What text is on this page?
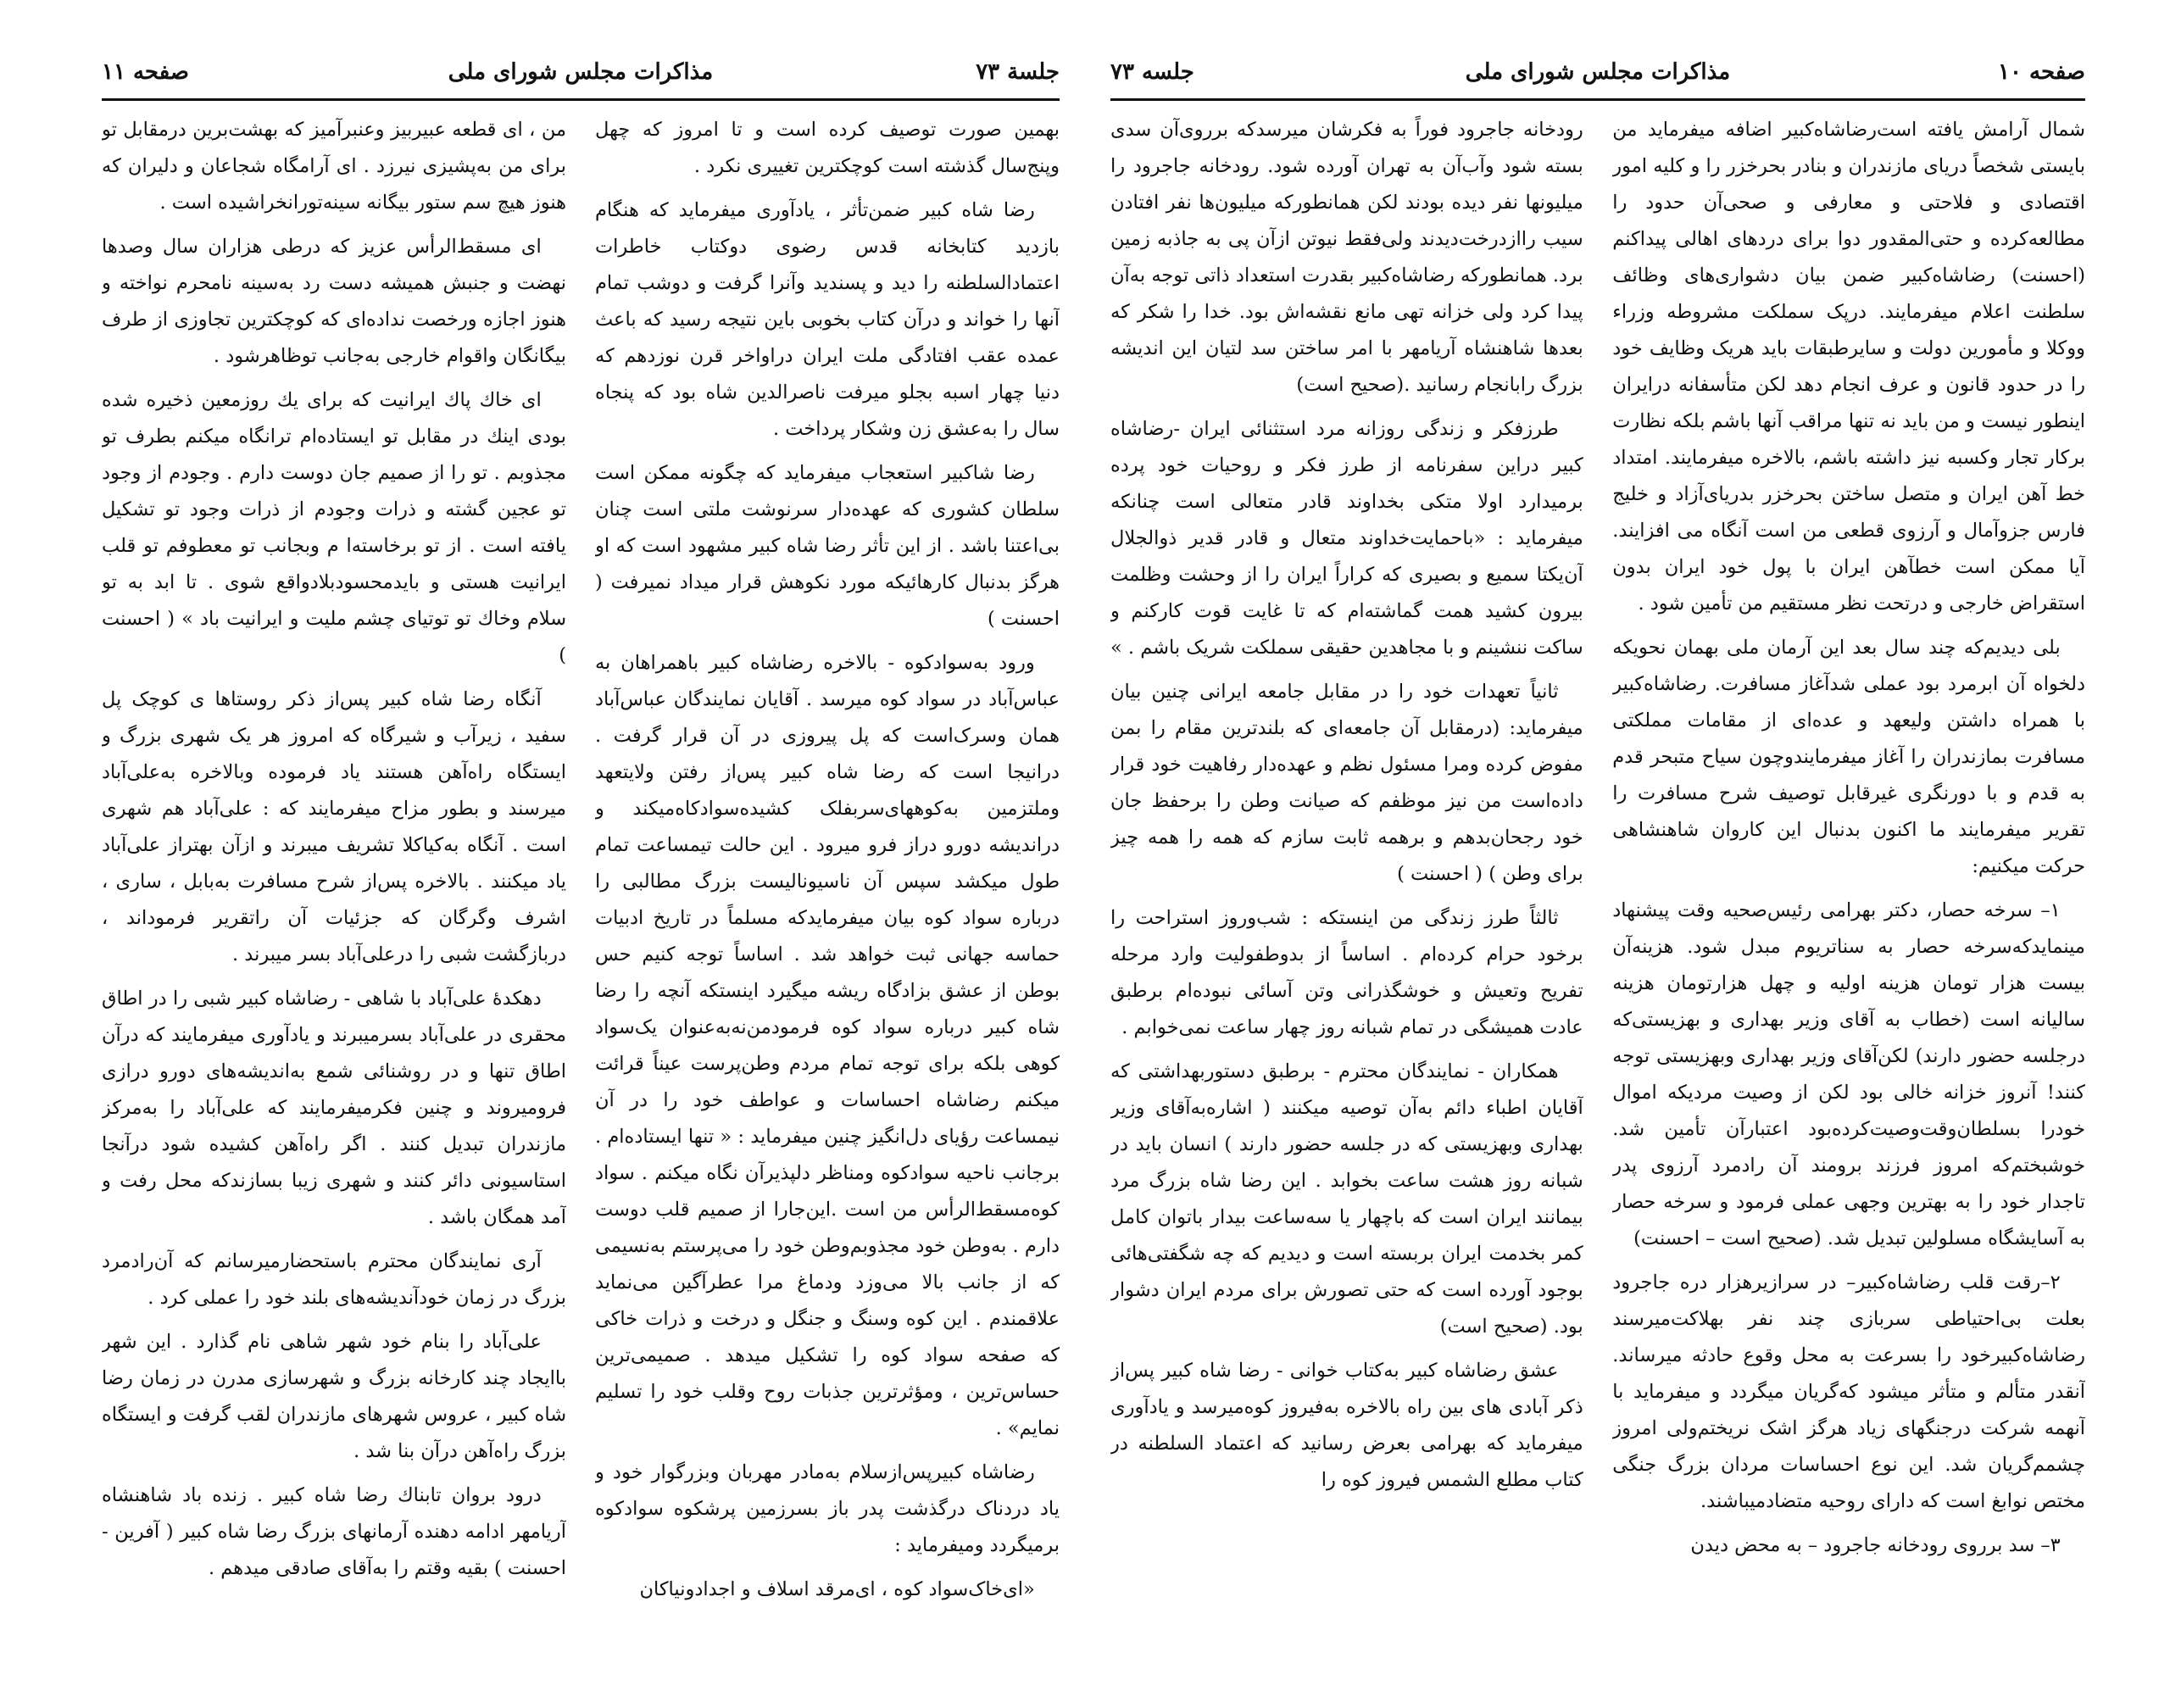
جلسة ۷۳
مذاکرات مجلس شورای ملی
صفحه ۱۱

بهمین صورت توصیف کرده است و تا امروز که چهل وپنج‌سال گذشته است کوچکترین تغییری نکرد .

رضا شاه کبیر ضمن‌تأثر ، یادآوری میفرماید که هنگام بازدید کتابخانه قدس رضوی دوکتاب خاطرات اعتمادالسلطنه را دید و پسندید وآنرا گرفت و دوشب تمام آنها را خواند و درآن کتاب بخوبی باین نتیجه رسید که باعث عمده عقب افتادگی ملت ایران دراواخر قرن نوزدهم که دنیا چهار اسبه بجلو میرفت ناصرالدین شاه بود که پنجاه سال را به‌عشق زن وشکار پرداخت .

رضا شاکبیر استعجاب میفرماید که چگونه ممکن است سلطان کشوری که عهده‌دار سرنوشت ملتی است چنان بی‌اعتنا باشد . از این تأثر رضا شاه کبیر مشهود است که او هرگز بدنبال کارهائیکه مورد نکوهش قرار میداد نمیرفت ( احسنت )

ورود به‌سوادکوه - بالاخره رضاشاه کبیر باهمراهان به عباس‌آباد در سواد کوه میرسد . آقایان نمایندگان عباس‌آباد همان وسرک‌است که پل پیروزی در آن قرار گرفت . درانیجا است که رضا شاه کبیر پس‌از رفتن ولایتعهد وملتزمین به‌کوههای‌سربفلک کشیده‌سوادکاه‌میکند و دراندیشه دورو دراز فرو میرود . این حالت تیمساعت تمام طول میکشد سپس آن ناسیونالیست بزرگ مطالبی را درباره سواد کوه بیان میفرمایدکه مسلماً در تاریخ ادبیات حماسه جهانی ثبت خواهد شد . اساساً توجه کنیم حس بوطن از عشق بزادگاه ریشه میگیرد اینستکه آنچه را رضا شاه کبیر درباره سواد کوه فرمودمن‌نه‌به‌عنوان یک‌سواد کوهی بلکه برای توجه تمام مردم وطن‌پرست عیناً قرائت میکنم رضاشاه احساسات و عواطف خود را در آن نیمساعت رؤیای دل‌انگیز چنین میفرماید : « تنها ایستاده‌ام . برجانب ناحیه سوادکوه ومناظر دلپذیرآن نگاه میکنم . سواد کوه‌مسقط‌الرأس من است .این‌جارا از صمیم قلب دوست دارم . به‌وطن خود مجذوبم‌وطن خود را می‌پرستم به‌نسیمی که از جانب بالا می‌وزد ودماغ مرا عطرآگین می‌نماید علاقمندم . این کوه وسنگ و جنگل و درخت و ذرات خاکی که صفحه سواد کوه را تشکیل میدهد . صمیمی‌ترین حساس‌ترین ، ومؤثرترین جذبات روح وقلب خود را تسلیم نمایم» .

رضاشاه کبیرپس‌ازسلام به‌مادر مهربان وبزرگوار خود و یاد دردناک درگذشت پدر باز بسرزمین پرشکوه سوادکوه برمیگردد ومیفرماید :

«ای‌خاک‌سواد کوه ، ای‌مرقد اسلاف و اجدادونیاکان

من ، ای قطعه عبیربیز وعنبرآمیز که بهشت‌برین درمقابل تو برای من به‌پشیزی نیرزد . ای آرامگاه شجاعان و دلیران که هنوز هیچ سم ستور بیگانه سینه‌تورانخراشیده است .

ای مسقط‌الرأس عزیز که درطی هزاران سال وصدها نهضت و جنبش همیشه دست رد به‌سینه نامحرم نواخته و هنوز اجازه ورخصت نداده‌ای که کوچکترین تجاوزی از طرف بیگانگان واقوام خارجی به‌جانب توظاهرشود .

ای خاك پاك ایرانیت که برای یك روزمعین ذخیره شده بودی اینك در مقابل تو ایستاده‌ام ترانگاه میکنم بطرف تو مجذوبم . تو را از صمیم جان دوست دارم . وجودم از وجود تو عجین گشته و ذرات وجودم از ذرات وجود تو تشکیل یافته است . از تو برخاسته‌ا م وبجانب تو معطوفم تو قلب ایرانیت هستی و باید‌محسودبلادواقع شوی . تا ابد به تو سلام وخاك تو توتیای چشم ملیت و ایرانیت باد » ( احسنت )

آنگاه رضا شاه کبیر پس‌از ذکر روستاها ی کوچک پل سفید ، زیرآب و شیرگاه که امروز هر یک شهری بزرگ و ایستگاه راه‌آهن هستند یاد فرموده وبالاخره به‌علی‌آباد میرسند و بطور مزاح میفرمایند که : علی‌آباد هم شهری است . آنگاه به‌کیاکلا تشریف میبرند و ازآن بهتراز علی‌آباد یاد میکنند . بالاخره پس‌از شرح مسافرت به‌بابل ، ساری ، اشرف وگرگان که جزئیات آن راتقریر فرموداند ، دربازگشت شبی را درعلی‌آباد بسر میبرند .

دهکدهٔ علی‌آباد با شاهی - رضاشاه کبیر شبی را در اطاق محقری در علی‌آباد بسرمیبرند و یادآوری میفرمایند که درآن اطاق تنها و در روشنائی شمع به‌اندیشه‌های دورو درازی فرومیروند و چنین فکرمیفرمایند که علی‌آباد را به‌مرکز مازندران تبدیل کنند . اگر راه‌آهن کشیده شود درآنجا استاسیونی دائر کنند و شهری زیبا بسازندکه محل رفت و آمد همگان باشد .

آری نمایندگان محترم باستحضارمیرسانم که آن‌رادمرد بزرگ در زمان خودآندیشه‌های بلند خود را عملی کرد .

علی‌آباد را بنام خود شهر شاهی نام گذارد . این شهر باایجاد چند کارخانه بزرگ و شهرسازی مدرن در زمان رضا شاه کبیر ، عروس شهرهای مازندران لقب گرفت و ایستگاه بزرگ راه‌آهن درآن بنا شد .

درود بروان تابناك رضا شاه کبیر . زنده باد شاهنشاه آریامهر ادامه دهنده آرمانهای بزرگ رضا شاه کبیر ( آفرین - احسنت ) بقیه وقتم را به‌آقای صادقی میدهم .

صفحه ۱۰
مذاکرات مجلس شورای ملی
جلسه ۷۳

شمال آرامش یافته است‌رضاشاه‌کبیر اضافه میفرماید من بایستی شخصاً دریای مازندران و بنادر بحرخزر را و کلیه امور اقتصادی و فلاحتی و معارفی و صحی‌آن حدود را مطالعه‌کرده و حتی‌المقدور دوا برای دردهای اهالی پیداکنم (احسنت) رضاشاه‌کبیر ضمن بیان دشواری‌های وظائف سلطنت اعلام میفرمایند. درپک سملکت مشروطه وزراء ووکلا و مأمورین دولت و سایرطبقات باید هریک وظایف خود را در حدود قانون و عرف انجام دهد لکن متأسفانه درایران اینطور نیست و من باید نه تنها مراقب آنها باشم بلکه نظارت برکار تجار وکسبه نیز داشته باشم، بالاخره میفرمایند. امتداد خط آهن ایران و متصل ساختن بحرخزر بدریای‌آزاد و خلیج فارس جزوآمال و آرزوی قطعی من است آنگاه می افزایند. آیا ممکن است خطآهن ایران با پول خود ایران بدون استقراض خارجی و درتحت نظر مستقیم من تأمین شود .

بلی دیدیم‌که چند سال بعد این آرمان ملی بهمان نحویکه دلخواه آن ابرمرد بود عملی شدآغاز مسافرت. رضاشاه‌کبیر با همراه داشتن ولیعهد و عده‌ای از مقامات مملکتی مسافرت بمازندران را آغاز میفرمایندوچون سیاح متبحر قدم به قدم و با دورنگری غیرقابل توصیف شرح مسافرت را تقریر میفرمایند ما اکنون بدنبال این کاروان شاهنشاهی حرکت میکنیم:

۱– سرخه حصار، دکتر بهرامی رئیس‌صحیه وقت پیشنهاد مینماید‌که‌سرخه حصار به سناتریوم مبدل شود. هزینه‌آن بیست هزار تومان هزینه اولیه و چهل هزارتومان هزینه سالیانه است (خطاب به آقای وزیر بهداری و بهزیستی‌که درجلسه حضور دارند) لکن‌آقای وزیر بهداری وبهزیستی توجه کنند! آنروز خزانه خالی بود لکن از وصیت مردیکه اموال خودرا بسلطان‌وقت‌وصیت‌کرده‌بود اعتبارآن تأمین شد. خوشبختم‌که امروز فرزند برومند آن رادمرد آرزوی پدر تاجدار خود را به بهترین وجهی عملی فرمود و سرخه حصار به آسایشگاه مسلولین تبدیل شد. (صحیح است – احسنت)

۲–رقت قلب رضاشاه‌کبیر– در سرازیرهزار دره جاجرود بعلت بی‌احتیاطی سربازی چند نفر بهلاکت‌میرسند رضاشاه‌کبیرخود را بسرعت به محل وقوع حادثه میرساند. آنقدر متألم و متأثر میشود که‌گریان میگردد و میفرماید با آنهمه شرکت درجنگهای زیاد هرگز اشک نریختم‌ولی امروز چشمم‌گریان شد. این نوع احساسات مردان بزرگ جنگی مختص نوابغ است که دارای روحیه متضادمیباشند.

۳– سد برروی رودخانه جاجرود – به محض دیدن

رودخانه جاجرود فوراً به فکرشان میرسد‌که برروی‌آن سدی بسته شود وآب‌آن به تهران آورده شود. رودخانه جاجرود را میلیونها نفر دیده بودند لکن همانطورکه میلیون‌ها نفر افتادن سیب رااز‌درخت‌دیدند ولی‌فقط نیوتن ازآن پی به جاذبه زمین برد. همانطورکه رضاشاه‌کبیر بقدرت استعداد ذاتی توجه به‌آن پیدا کرد ولی خزانه تهی مانع نقشه‌اش بود. خدا را شکر که بعدها شاهنشاه آریامهر با امر ساختن سد لتیان این اندیشه بزرگ رابانجام رسانید .(صحیح است)

طرزفکر و زندگی روزانه مرد استثنائی ایران -رضاشاه کبیر دراین سفرنامه از طرز فکر و روحیات خود پرده برمیدارد اولا متکی بخداوند قادر متعالی است چنانکه میفرماید : «باحمایت‌خداوند متعال و قادر قدیر ذوالجلال آن‌یکتا سمیع و بصیری که کراراً ایران را از وحشت وظلمت بیرون کشید همت گماشته‌ام که تا غایت قوت کارکنم و ساکت ننشینم و با مجاهدین حقیقی سملکت شریک باشم . »

ثانیاً تعهدات خود را در مقابل جامعه ایرانی چنین بیان میفرماید: (درمقابل آن جامعه‌ای که بلندترین مقام را بمن مفوض کرده ومرا مسئول نظم و عهده‌دار رفاهیت خود قرار داده‌است من نیز موظفم که صیانت وطن را برحفظ جان خود رجحان‌بدهم و برهمه ثابت سازم که همه را همه چیز برای وطن ) ( احسنت )

ثالثاً طرز زندگی من اینستکه : شب‌وروز استراحت را برخود حرام کرده‌ام . اساساً از بدوطفولیت وارد مرحله تفریح وتعیش و خوشگذرانی وتن آسائی نبوده‌ام برطبق عادت همیشگی در تمام شبانه روز چهار ساعت نمی‌خوابم .

همکاران - نمایندگان محترم - برطبق دستوربهداشتی که آقایان اطباء دائم به‌آن توصیه میکنند ( اشاره‌به‌آقای وزیر بهداری وبهزیستی که در جلسه حضور دارند ) انسان باید در شبانه روز هشت ساعت بخوابد . این رضا شاه بزرگ مرد بیمانند ایران است که باچهار یا سه‌ساعت بیدار باتوان کامل کمر بخدمت ایران بربسته است و دیدیم که چه شگفتی‌هائی بوجود آورده است که حتی تصورش برای مردم ایران دشوار بود. (صحیح است)

عشق رضاشاه کبیر به‌کتاب خوانی - رضا شاه کبیر پس‌از ذکر آبادی های بین راه بالاخره به‌فیروز کوه‌میرسد و یادآوری میفرماید که بهرامی بعرض رسانید که اعتماد السلطنه در کتاب مطلع الشمس فیروز کوه را
